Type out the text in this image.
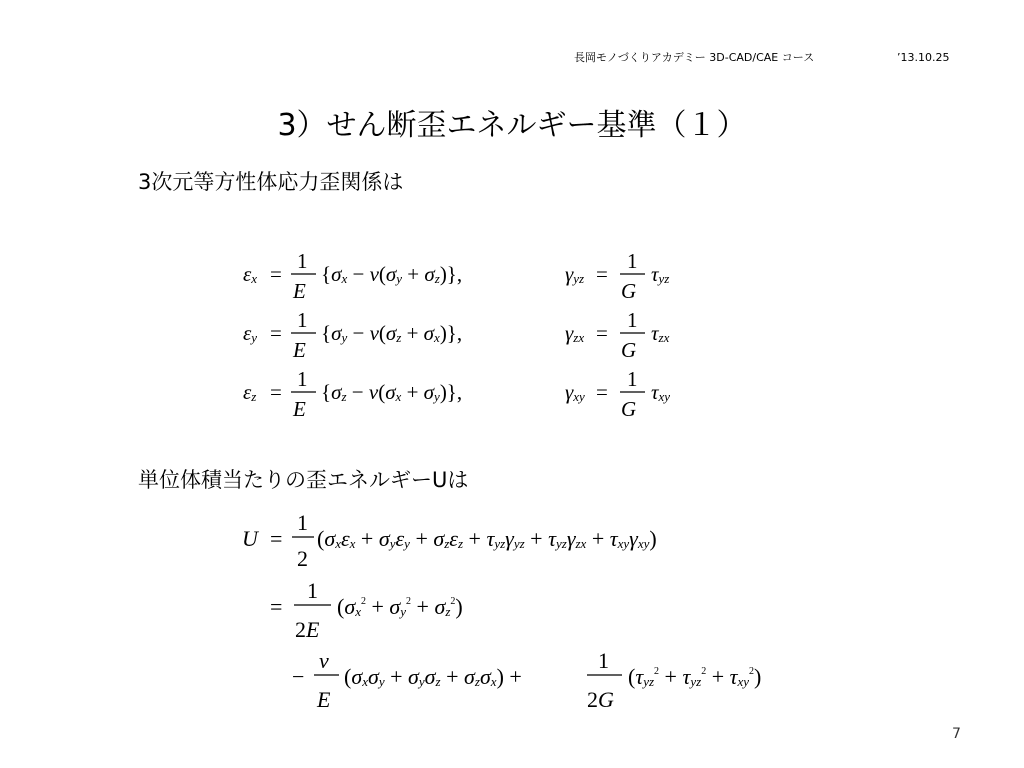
長岡モノづくりアカデミー 3D-CAD/CAE コース	’13.10.25
3）せん断歪エネルギー基準（１）
3次元等方性体応力歪関係は
εx =
1
E
{σx − ν(σy + σz)},	γyz =
1
G
τyz
εy =
1
E
{σy − ν(σz + σx)},	γzx =
1
G
τzx
εz =
1
E
{σz − ν(σx + σy)},	γxy =
1
G
τxy
単位体積当たりの歪エネルギーUは
U =
1
2
(σxεx + σyεy + σzεz + τyzγyz + τyzγzx + τxyγxy)
=
1
2E
$(\sigma x^2 + \sigma y^2 + \sigma z^2)$
−
ν
E
(σxσy + σyσz + σzσx) +
1
2G
(τyz$^2$ + τyz$^2$ + τxy$^2$)
7
